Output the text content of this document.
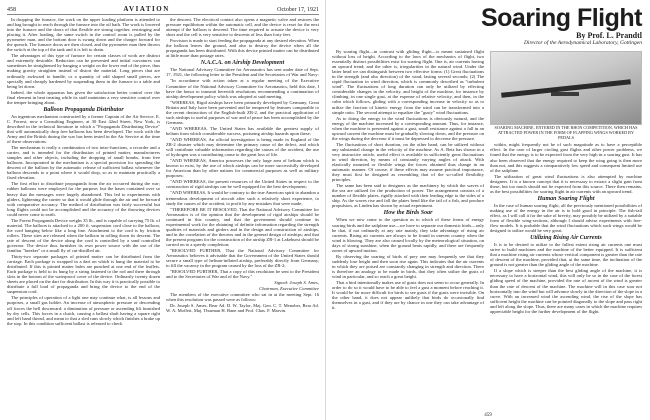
458	AVIATION	October 17, 1921

In dropping the furnace, the work on the upper loading platform is attended to and bag brought to reach through the furnace into the oil bath. The work is lowered into the furnace and the doors of that flexible are strung together, restringing and placing it. After loading, the same switch in the control room is pulled by the pyrometer man, and the bottom door is swung down and the charger forward for the quench. The furnace doors are then closed, and the pyrometer man then throws the switch at the top of the tank and it is left to drain.

The advantages of this type of furnace for certain classes of work are distinct and extremely desirable. Reduction can be prevented and initial curvatures can sometimes be straightened by hanging a weight on the lower end of the piece, thus making gravity straighten instead of distort the material. Long pieces that are ordinarily awkward to handle, or a quantity of odd shaped small pieces, are specially and cheaply hardened by suspending them in the furnace to a table and being let down.

Indeed, the whole apparatus has given the satisfaction better control over the final element in heat treating while its staff maintains a very sensitive control over the temper bringing about.

Balloon Propaganda Distributor

An ingenious mechanism constructed by a former Captain of the Air Service, E. C. Forrest, now a Consulting Engineer, at 30 East 42nd Street, New York, is described in the technical literature in which a "Propaganda Distributing Device" that will automatically drop free balloons has been developed. The work with the Army and the British during the war has been tested in the Air Service at the time of these observations.

The mechanism is really a combination of two intro-functions, a recorder and a carrier, and is intended for the distribution of printed matter, manufacturers samples and other objects, including the dropping of small bombs, from free balloons. Incorporated in the mechanism is a special provision for spreading the descent of the balloon by the automatic release of sufficient ballast whenever the balloon descends to a point where it would drop, so as to maintain practically a fixed elevation.

The first effort to distribute propaganda from the air occurred during the war; rubber balloons were employed for the purpose; but the bases contained over so heavy that the messages were largely abandoned. This led to experiments with gliders, lightening the carrier so that it would glide through the air and be forward with comparative accuracy. The method of distribution was fairly successful but long flights could not be accomplished and the accuracy of the throwing devices could never come to earth.

The Forest Propaganda Device weighs 35 lb., and is capable of carrying 75 lb. of material. The balloon is attached to a 200 ft. suspension cord close to the balloon, the cord hanging below like a long line. Attachment to the cord is by friction rollers. These sites are released when the balloon in rolling down its descent. The rate of descent of the device along the cord is controlled by a sand controlled governor. The device thus furnishes its own power source with the use of the familiar "breaker" or a small fly of cut-distilled air.

Thirty-two separate packages of printed matter can be distributed from the carriage. Each package is wrapped in a dart on which is hung the material to be distributed. If this is printed matter bales are punched at one end of the leaflets. Each package is held to its hung by a string fastened to the rod and there through slots in the bottom of the waterproof cover of the device. Ordinarily twenty dozen sheets are placed on the dart for distribution. In this way it is practically possible to distribute a full load of propaganda and bring the device to the end of the suspension cord.

The principles of operation of a light one may continue what, is all lessons and purposes, a small gas holder. An increase of atmospheric pressure or descending off forces the bell downward: a diminution of pressure or ascending lift furnished by dry cells. This forces in a clutch, causing a ballast shaft having a square right and left hand thread, and mean to that a sled runs slowly which finishes a brake up the stop. In this condition sufficient ballast is released to check

the descent. The electrical contact also opens a magnetic valve and restores the pressure equilibrium within the automatic cell, and the device is reset for the next attempt if the balloon is descend. The time required to actuate the device is very short and the cell is very sensitive to descents of less than forty feet.

Provision is made to start feeding the propaganda at any desired elevation. When the balloon leaves the ground, and also to destroy the device when all the propaganda has been distributed. With this device printed matter can be distributed at little more than postage rates.

N.A.C.A. on Airship Development

The National Advisory Committee for Aeronautics has sent under date of Sept. 17, 1921, the following letter to the President and the Secretaries of War and Navy:

"In accordance with action taken at a regular meeting of the Executive Committee of the National Advisory Committee for Aeronautics, held this date, I have the honor to transmit herewith resolutions recommending a continuation of airship development policy which was adopted at said meeting.

"WHEREAS, Rigid airships have been primarily developed by Germany, Great Britain and Italy have been prevented and be tempered by features comparable to the recent destruction of the English-built ZR-2, and the practical application of such airships to useful purposes of war and of peace has been accomplished by the Germans.

"AND WHEREAS, The United States has available the greatest supply of helium from which considerable success, porturing airship hazards upon these;

"AND WHEREAS, An official investigation is being made in England of the ZR-2 disaster which may determine the primary cause of the defect, and which will contribute valuable information regarding the causes of the accident, the use of hydrogen was a contributing cause to the great loss of life.

"AND WHEREAS, America possesses the only large area of helium which is known to exist, by the use of which airships can be more successfully developed for American than by other nations for commercial purposes as well as military purposes;

"AND WHEREAS, the present resources of the United States in respect to the construction of rigid airships can be well equipped for the best development;

"AND WHEREAS, It would be contrary to the true American spirit to abandon a tremendous development of aircraft after such a relatively short experience, to study the causes of the accident, to profit by any mistakes that were made;

"THEREFORE BE IT RESOLVED, That the National Advisory Committee for Aeronautics is of the opinion that the development of rigid airships should be continued in this country, and that the government should continue its experimental work for the obtaining of definite information regarding the strength qualities of materials and girders and in the design and construction of airships, and in the correlation of the theories and in the general design of airships; and that the present program for the construction of the airship ZR-1 at Lakehurst should be carried on to a speedy completion;

"RESOLVED FURTHER, That the National Advisory Committee for Aeronautics believes it advisable that the Government of the United States should secure a small type of helium-inflated airship, preferably directly from Germany, to fill the vacancy in the program caused by the loss of the ZR-2;

"RESOLVED FURTHER, That a copy of this resolution be sent to the President and to the Secretaries of War and of the Navy."

Signed: Joseph S. Ames,
Chairman, Executive Committee

The members of the executive committee who sat in at the meeting Sept. 16 when this resolution was passed were as follows:

Dr. Joseph S. Ames, Rear Ad. D. W. Taylor, Maj. Gen. C. T. Menoher, Rear Ad. W. A. Moffett, Maj. Thurman H. Bane and Prof. Chas. F. Marvin.

Soaring Flight
By Prof. L. Prandtl
Director of the Aerodynamical Laboratory, Gottingen

By soaring flight—in contrast with gliding flight—is meant sustained flight without loss of height. According to the laws of the mechanics of flight, two essentially distinct possibilities exist for soaring flight. One is, air currents having an upward trend; and the other is, irregularities in the natural wind. Under the latter head we can distinguish between two effective forms: (1) Great fluctuations in the strength (and also direction) of the wind, lasting several seconds; (2) The rapid fluctuation in wind direction, which is commonly described as "turbulent wind". The fluctuations of long duration can only be utilized by effecting considerable changes in the velocity, and height of the machine, for instance by climbing, in one single gust, at the expense of relative velocity, and then, in the calm which follows, gliding with a corresponding increase in velocity so as to utilize the fraction of kinetic energy from the wind can be transformed into a simple ratio. The second attempt to equalize the "gusty" wind fluctuations.

As to doing the energy in the wind fluctuations is obviously natural, and the energy of the machine increased by a corresponding amount. Thus, for instance, when the machine is presented against a gust, small resistance against a fall in an upward current the machine must be gradually slowing down, and the pressure on the wings during the decrease if it must be depressed to decrease the pressure.

The fluctuations of short duration, on the other hand, can be utilized without any substantial change in the velocity of the machine. As A. Betz has shown in a very instructive article, useful effect is available in sufficiently great fluctuations in wind direction, by means of constantly varying angles of attack. With elastically mounted or flexible wings the forces obtained thus change in an automatic manner. Of course, if these effects may assume practical importance, they must first be designed as resembling that of the so-called flexibility principles.

The same has been said to designers as the machinery by which the waves of the sea are utilized for the production of power. The arrangement consists of a number of flexible plates, rigidly attached with their leading edge to the sides of a ship. As the waves rise and fall the plates bend like the tail of a fish, and produce propulsion, as Linden has shown by actual experiment.

How the Birds Soar

When we now come to the question as to which of these forms of energy soaring birds and the sailplane use—we have to separate our domestic birds—only be that, if not ordinarily at any rate mainly, they take advantage of rising air currents. Rising air currents are always to be found in uneven country when the wind is blowing. They are also caused locally by the meteorological situation, on days of strong sunshine, when the ground heats rapidly, and there are frequently zones of upward motion.

By observing the soaring of birds of prey one may frequently see that they suddenly lose height and then soon rise again. This indicates that the air currents in which they are poised are constantly changing in strength and direction. There is therefore an analogy to be made in birds, that they often utilize the gusts of wind in particular, and so reach a great height.

That a bird intentionally makes use of gusts does not seem to occur generally. In order to do so it would have to be able to feel a gust a moment before reaching it. It would be far more difficult for birds to see gusts if the gusts were invisible. On the other hand, it does not appear unlikely that birds do occasionally find themselves in a gust, and if they are by chance in one they can take advantage of it.

SOARING MACHINE, ENTERED IN THE RHON COMPETITION, WHICH HAS ATTRACTED POWER IN THE FORM OF FLAPPING WINGS WORKED BY PEDALS

within, might frequently not be of such magnitude as to have a perceptible effect. In the case of larger circling gust flights and other power problems, we found that the energy is to be expected from the very high in a soaring gust. It has also been observed that the energy required to keep the wing going is then more than not, and this suggests a comparatively low speed and consequent limited use of the sailplane.

The utilization of great wind fluctuations is also attempted by machine designers. It is a known concept that it is necessary to extract a slight gain from these, but too much should not be expected from this source. There then remains, as the best possibilities for soaring flight in air currents with an upward trend.

Human Soaring Flight

In the case of human soaring flight, all the previously mentioned possibilities of making use of the energy in the air is to hold good in principle. The fish-tail effect, as I will call it for the sake of brevity, may possibly be utilized by a suitable form of flexible wing-sections, although I should advise experiments with free-flow models. It is probable that the wind fluctuations which such wings would be designed to utilize would be very great.

Utilizing Rising Air Currents

It is to be desired to utilize to the fullest extent rising air currents one must strive to build machines and the machine of the better equipped. It is sufficient that a machine rising air currents whose vertical component is greater than the rate of descent of the machine, provided that, at the same time, the inclination of the ground is not greater than the gliding angle of the machine.

If a slope which is steeper than the best gliding angle of the machine, it is necessary to have a horizontal wind, this will only be so in the case of the forest gliding speed of the machine, provided the rate of ascent of the wind is greater than the rate of descent of the machine. The machine will in this case soar not horizontally into the wind but will advance slowly in the direction of the slope in a curve. With an increased wind the ascending wind, the rise of the slope has sufficient height the machine can be pointed diagonally to the slope and pass right and left along the slope. Thus, there are many cases in which the machine requires appreciable height for the further development of the flight.

459
